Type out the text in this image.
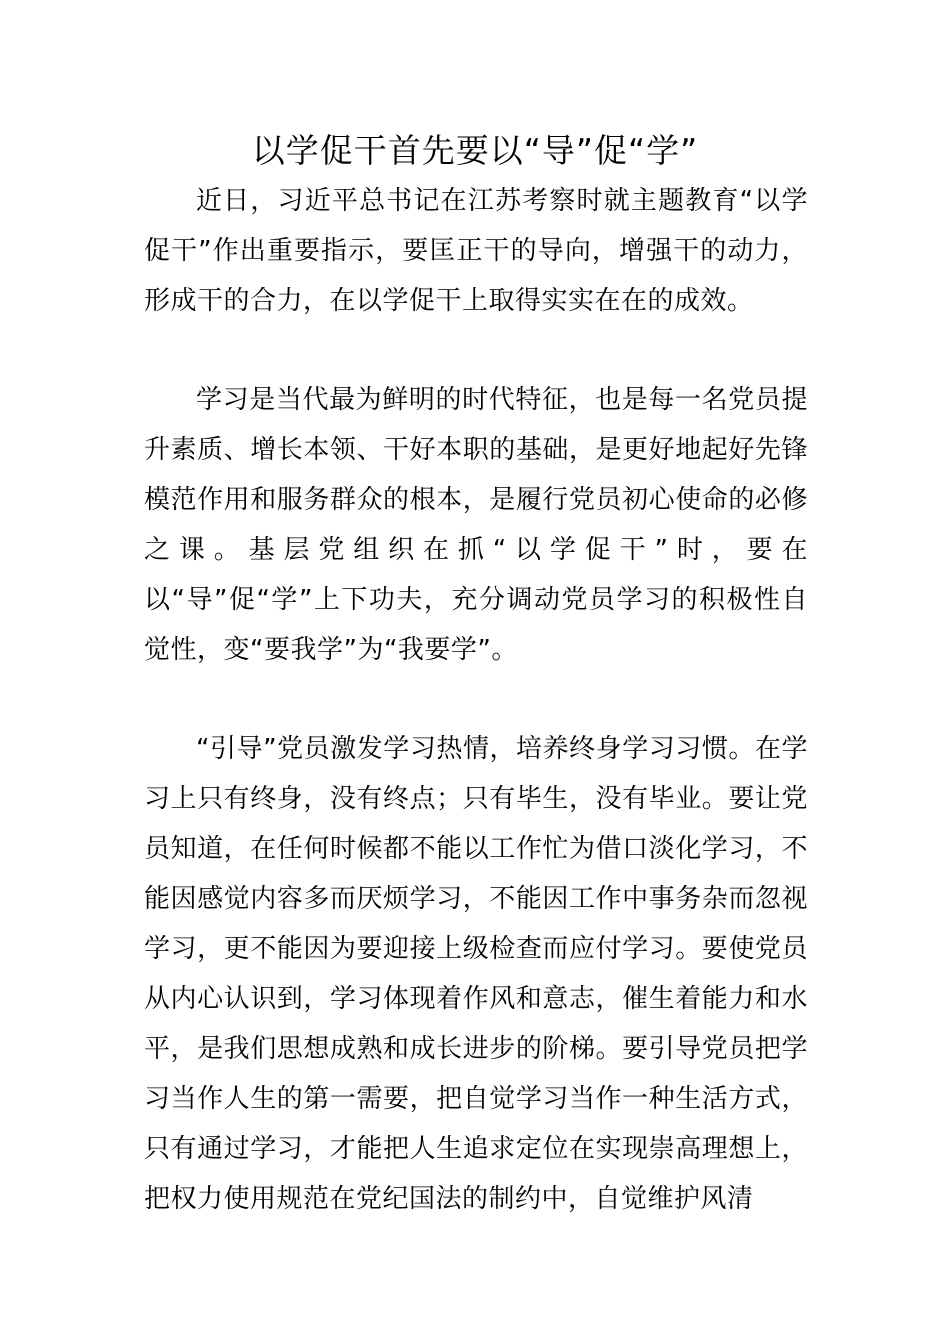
以学促干首先要以“导”促“学”

近日，习近平总书记在江苏考察时就主题教育“以学促干”作出重要指示，要匡正干的导向，增强干的动力，形成干的合力，在以学促干上取得实实在在的成效。

学习是当代最为鲜明的时代特征，也是每一名党员提升素质、增长本领、干好本职的基础，是更好地起好先锋模范作用和服务群众的根本，是履行党员初心使命的必修之课。基层党组织在抓“以学促干”时，要在以“导”促“学”上下功夫，充分调动党员学习的积极性自觉性，变“要我学”为“我要学”。

“引导”党员激发学习热情，培养终身学习习惯。在学习上只有终身，没有终点；只有毕生，没有毕业。要让党员知道，在任何时候都不能以工作忙为借口淡化学习，不能因感觉内容多而厌烦学习，不能因工作中事务杂而忽视学习，更不能因为要迎接上级检查而应付学习。要使党员从内心认识到，学习体现着作风和意志，催生着能力和水平，是我们思想成熟和成长进步的阶梯。要引导党员把学习当作人生的第一需要，把自觉学习当作一种生活方式，只有通过学习，才能把人生追求定位在实现崇高理想上，把权力使用规范在党纪国法的制约中，自觉维护风清
